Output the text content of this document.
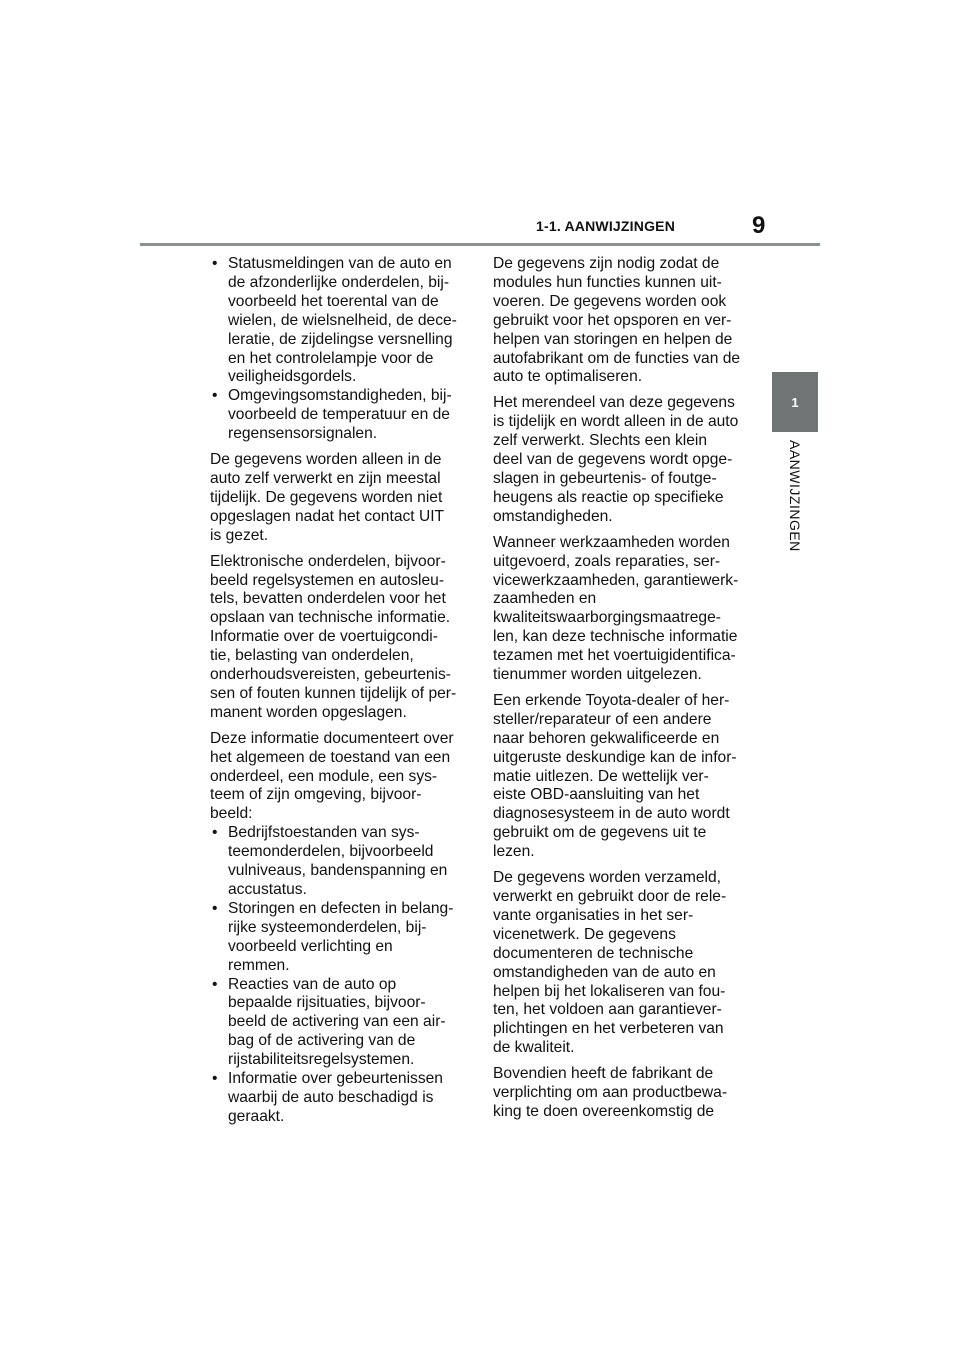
1-1. AANWIJZINGEN	9
1
AANWIJZINGEN
• Statusmeldingen van de auto en
de afzonderlijke onderdelen, bij-
voorbeeld het toerental van de
wielen, de wielsnelheid, de dece-
leratie, de zijdelingse versnelling
en het controlelampje voor de
veiligheidsgordels.
• Omgevingsomstandigheden, bij-
voorbeeld de temperatuur en de
regensensorsignalen.

De gegevens worden alleen in de
auto zelf verwerkt en zijn meestal
tijdelijk. De gegevens worden niet
opgeslagen nadat het contact UIT
is gezet.

Elektronische onderdelen, bijvoor-
beeld regelsystemen en autosleu-
tels, bevatten onderdelen voor het
opslaan van technische informatie.
Informatie over de voertuigcondi-
tie, belasting van onderdelen,
onderhoudsvereisten, gebeurtenis-
sen of fouten kunnen tijdelijk of per-
manent worden opgeslagen.

Deze informatie documenteert over
het algemeen de toestand van een
onderdeel, een module, een sys-
teem of zijn omgeving, bijvoor-
beeld:

• Bedrijfstoestanden van sys-
teemonderdelen, bijvoorbeeld
vulniveaus, bandenspanning en
accustatus.
• Storingen en defecten in belang-
rijke systeemonderdelen, bij-
voorbeeld verlichting en
remmen.
• Reacties van de auto op
bepaalde rijsituaties, bijvoor-
beeld de activering van een air-
bag of de activering van de
rijstabiliteitsregelsystemen.
• Informatie over gebeurtenissen
waarbij de auto beschadigd is
geraakt.

De gegevens zijn nodig zodat de
modules hun functies kunnen uit-
voeren. De gegevens worden ook
gebruikt voor het opsporen en ver-
helpen van storingen en helpen de
autofabrikant om de functies van de
auto te optimaliseren.

Het merendeel van deze gegevens
is tijdelijk en wordt alleen in de auto
zelf verwerkt. Slechts een klein
deel van de gegevens wordt opge-
slagen in gebeurtenis- of foutge-
heugens als reactie op specifieke
omstandigheden.

Wanneer werkzaamheden worden
uitgevoerd, zoals reparaties, ser-
vicewerkzaamheden, garantiewerk-
zaamheden en
kwaliteitswaarborgingsmaatrege-
len, kan deze technische informatie
tezamen met het voertuigidentifica-
tienummer worden uitgelezen.

Een erkende Toyota-dealer of her-
steller/reparateur of een andere
naar behoren gekwalificeerde en
uitgeruste deskundige kan de infor-
matie uitlezen. De wettelijk ver-
eiste OBD-aansluiting van het
diagnosesysteem in de auto wordt
gebruikt om de gegevens uit te
lezen.

De gegevens worden verzameld,
verwerkt en gebruikt door de rele-
vante organisaties in het ser-
vicenetwerk. De gegevens
documenteren de technische
omstandigheden van de auto en
helpen bij het lokaliseren van fou-
ten, het voldoen aan garantiever-
plichtingen en het verbeteren van
de kwaliteit.

Bovendien heeft de fabrikant de
verplichting om aan productbewa-
king te doen overeenkomstig de
